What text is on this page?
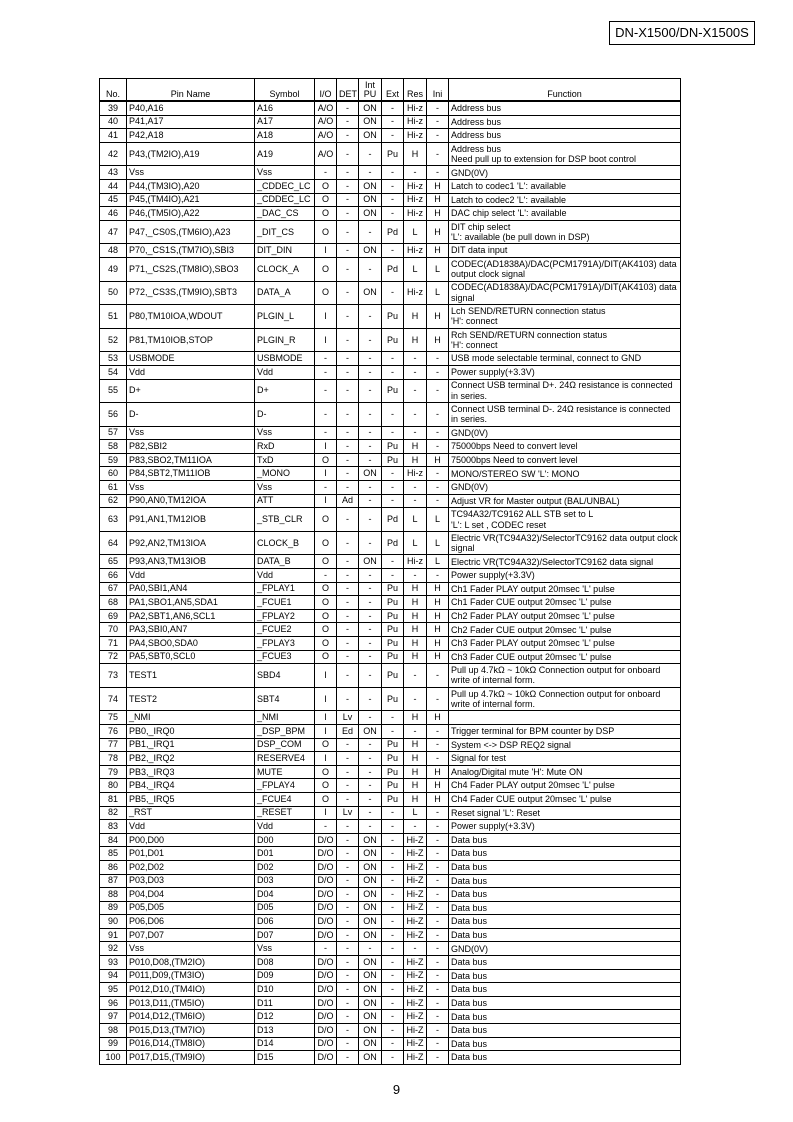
DN-X1500/DN-X1500S
No.	Pin Name	Symbol	I/O	DET	Int PU	Ext	Res	Ini	Function
39	P40,A16	A16	A/O	-	ON	-	Hi-z	-	Address bus
40	P41,A17	A17	A/O	-	ON	-	Hi-z	-	Address bus
41	P42,A18	A18	A/O	-	ON	-	Hi-z	-	Address bus
42	P43,(TM2IO),A19	A19	A/O	-	-	Pu	H	-	Address bus
Need pull up to extension for DSP boot control
43	Vss	Vss	-	-	-	-	-	-	GND(0V)
44	P44,(TM3IO),A20	_CDDEC_LC	O	-	ON	-	Hi-z	H	Latch to codec1 'L': available
45	P45,(TM4IO),A21	_CDDEC_LC	O	-	ON	-	Hi-z	H	Latch to codec2 'L': available
46	P46,(TM5IO),A22	_DAC_CS	O	-	ON	-	Hi-z	H	DAC chip select 'L': available
47	P47,_CS0S,(TM6IO),A23	_DIT_CS	O	-	-	Pd	L	H	DIT chip select
'L': available (be pull down in DSP)
48	P70,_CS1S,(TM7IO),SBI3	DIT_DIN	I	-	ON	-	Hi-z	H	DIT data input
49	P71,_CS2S,(TM8IO),SBO3	CLOCK_A	O	-	-	Pd	L	L	CODEC(AD1838A)/DAC(PCM1791A)/DIT(AK4103) data output clock signal
50	P72,_CS3S,(TM9IO),SBT3	DATA_A	O	-	ON	-	Hi-z	L	CODEC(AD1838A)/DAC(PCM1791A)/DIT(AK4103) data signal
51	P80,TM10IOA,WDOUT	PLGIN_L	I	-	-	Pu	H	H	Lch SEND/RETURN connection status
'H': connect
52	P81,TM10IOB,STOP	PLGIN_R	I	-	-	Pu	H	H	Rch SEND/RETURN connection status
'H': connect
53	USBMODE	USBMODE	-	-	-	-	-	-	USB mode selectable terminal, connect to GND
54	Vdd	Vdd	-	-	-	-	-	-	Power supply(+3.3V)
55	D+	D+	-	-	-	Pu	-	-	Connect USB terminal D+. 24Ω resistance is connected in series.
56	D-	D-	-	-	-	-	-	-	Connect USB terminal D-. 24Ω resistance is connected in series.
57	Vss	Vss	-	-	-	-	-	-	GND(0V)
58	P82,SBI2	RxD	I	-	-	Pu	H	-	75000bps Need to convert level
59	P83,SBO2,TM11IOA	TxD	O	-	-	Pu	H	H	75000bps Need to convert level
60	P84,SBT2,TM11IOB	_MONO	I	-	ON	-	Hi-z	-	MONO/STEREO SW 'L': MONO
61	Vss	Vss	-	-	-	-	-	-	GND(0V)
62	P90,AN0,TM12IOA	ATT	I	Ad	-	-	-	-	Adjust VR for Master output (BAL/UNBAL)
63	P91,AN1,TM12IOB	_STB_CLR	O	-	-	Pd	L	L	TC94A32/TC9162 ALL STB set to L
'L': L set , CODEC reset
64	P92,AN2,TM13IOA	CLOCK_B	O	-	-	Pd	L	L	Electric VR(TC94A32)/SelectorTC9162 data output clock signal
65	P93,AN3,TM13IOB	DATA_B	O	-	ON	-	Hi-z	L	Electric VR(TC94A32)/SelectorTC9162 data signal
66	Vdd	Vdd	-	-	-	-	-	-	Power supply(+3.3V)
67	PA0,SBI1,AN4	_FPLAY1	O	-	-	Pu	H	H	Ch1 Fader PLAY output 20msec 'L' pulse
68	PA1,SBO1,AN5,SDA1	_FCUE1	O	-	-	Pu	H	H	Ch1 Fader CUE output 20msec 'L' pulse
69	PA2,SBT1,AN6,SCL1	_FPLAY2	O	-	-	Pu	H	H	Ch2 Fader PLAY output 20msec 'L' pulse
70	PA3,SBI0,AN7	_FCUE2	O	-	-	Pu	H	H	Ch2 Fader CUE output 20msec 'L' pulse
71	PA4,SBO0,SDA0	_FPLAY3	O	-	-	Pu	H	H	Ch3 Fader PLAY output 20msec 'L' pulse
72	PA5,SBT0,SCL0	_FCUE3	O	-	-	Pu	H	H	Ch3 Fader CUE output 20msec 'L' pulse
73	TEST1	SBD4	I	-	-	Pu	-	-	Pull up 4.7kΩ ~ 10kΩ Connection output for onboard write of internal form.
74	TEST2	SBT4	I	-	-	Pu	-	-	Pull up 4.7kΩ ~ 10kΩ Connection output for onboard write of internal form.
75	_NMI	_NMI	I	Lv	-	-	H	H	
76	PB0,_IRQ0	_DSP_BPM	I	Ed	ON	-	-	-	Trigger terminal for BPM counter by DSP
77	PB1,_IRQ1	DSP_COM	O	-	-	Pu	H	-	System <-> DSP REQ2 signal
78	PB2,_IRQ2	RESERVE4	I	-	-	Pu	H	-	Signal for test
79	PB3,_IRQ3	MUTE	O	-	-	Pu	H	H	Analog/Digital mute 'H': Mute ON
80	PB4,_IRQ4	_FPLAY4	O	-	-	Pu	H	H	Ch4 Fader PLAY output 20msec 'L' pulse
81	PB5,_IRQ5	_FCUE4	O	-	-	Pu	H	H	Ch4 Fader CUE output 20msec 'L' pulse
82	_RST	_RESET	I	Lv	-	-	L	-	Reset signal 'L': Reset
83	Vdd	Vdd	-	-	-	-	-	-	Power supply(+3.3V)
84	P00,D00	D00	D/O	-	ON	-	Hi-Z	-	Data bus
85	P01,D01	D01	D/O	-	ON	-	Hi-Z	-	Data bus
86	P02,D02	D02	D/O	-	ON	-	Hi-Z	-	Data bus
87	P03,D03	D03	D/O	-	ON	-	Hi-Z	-	Data bus
88	P04,D04	D04	D/O	-	ON	-	Hi-Z	-	Data bus
89	P05,D05	D05	D/O	-	ON	-	Hi-Z	-	Data bus
90	P06,D06	D06	D/O	-	ON	-	Hi-Z	-	Data bus
91	P07,D07	D07	D/O	-	ON	-	Hi-Z	-	Data bus
92	Vss	Vss	-	-	-	-	-	-	GND(0V)
93	P010,D08,(TM2IO)	D08	D/O	-	ON	-	Hi-Z	-	Data bus
94	P011,D09,(TM3IO)	D09	D/O	-	ON	-	Hi-Z	-	Data bus
95	P012,D10,(TM4IO)	D10	D/O	-	ON	-	Hi-Z	-	Data bus
96	P013,D11,(TM5IO)	D11	D/O	-	ON	-	Hi-Z	-	Data bus
97	P014,D12,(TM6IO)	D12	D/O	-	ON	-	Hi-Z	-	Data bus
98	P015,D13,(TM7IO)	D13	D/O	-	ON	-	Hi-Z	-	Data bus
99	P016,D14,(TM8IO)	D14	D/O	-	ON	-	Hi-Z	-	Data bus
100	P017,D15,(TM9IO)	D15	D/O	-	ON	-	Hi-Z	-	Data bus
9
